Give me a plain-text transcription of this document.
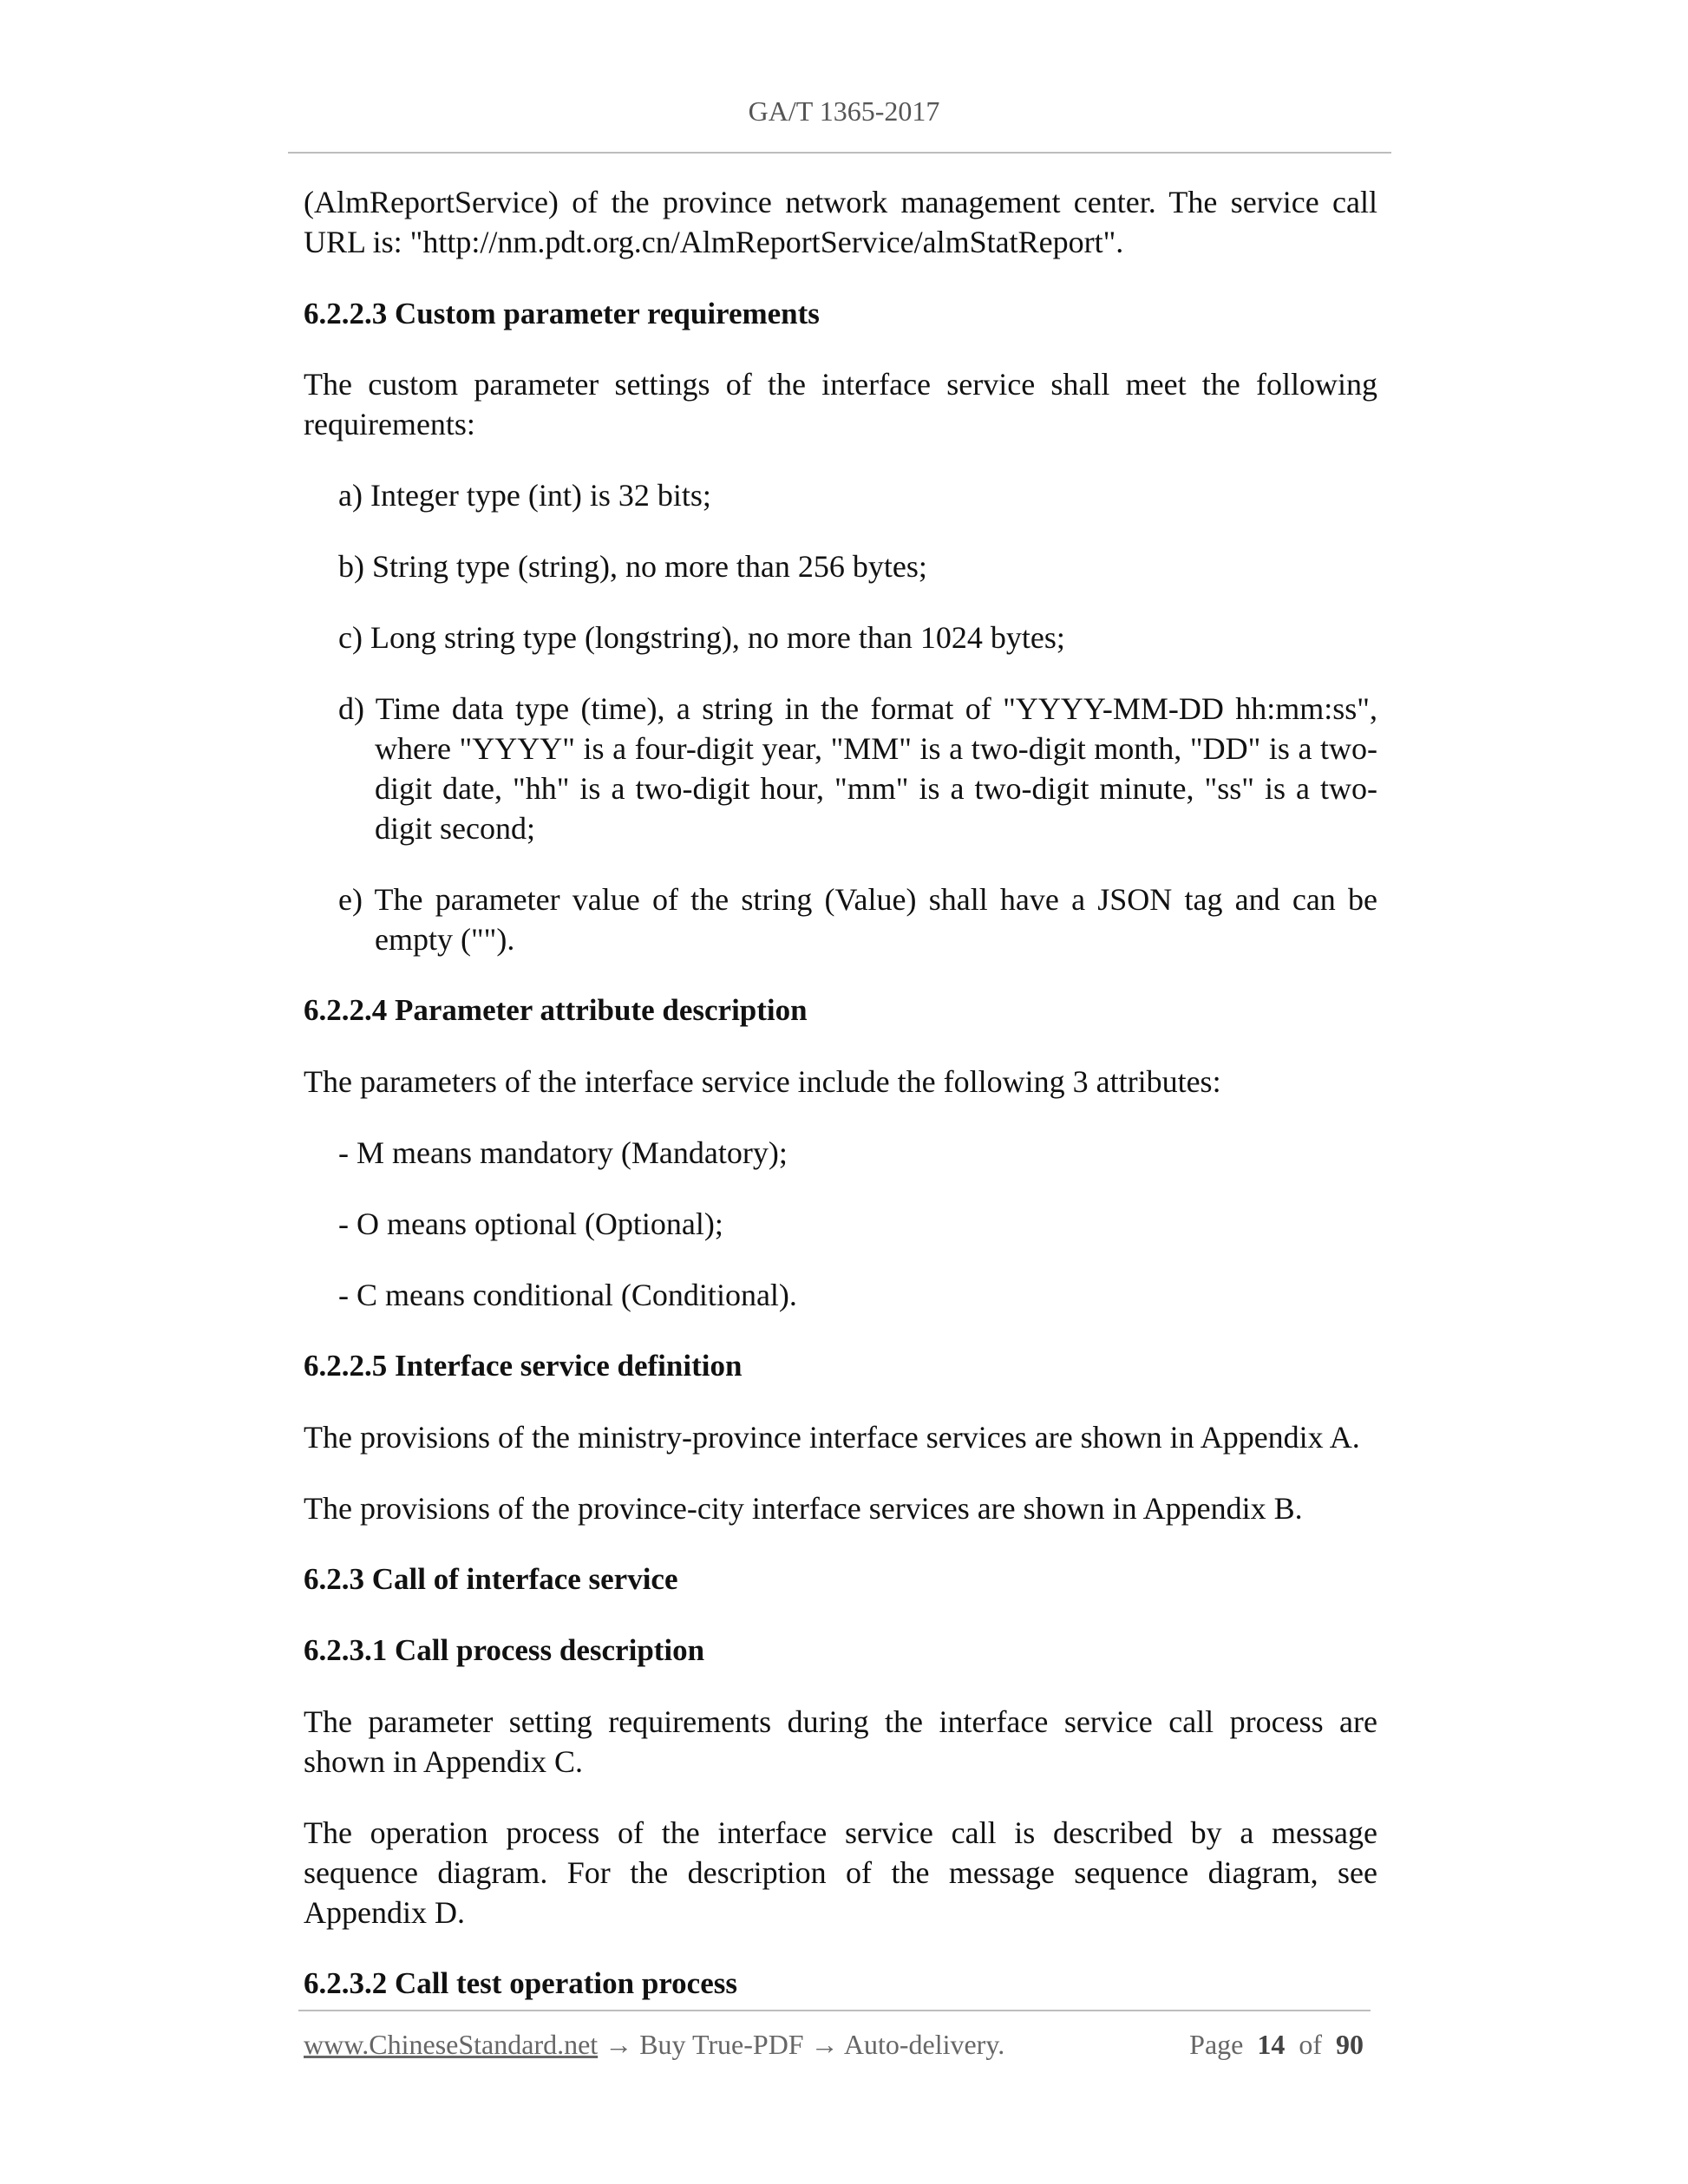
GA/T 1365-2017

(AlmReportService) of the province network management center. The service call URL is: "http://nm.pdt.org.cn/AlmReportService/almStatReport".

6.2.2.3 Custom parameter requirements

The custom parameter settings of the interface service shall meet the following requirements:

a) Integer type (int) is 32 bits;

b) String type (string), no more than 256 bytes;

c) Long string type (longstring), no more than 1024 bytes;

d) Time data type (time), a string in the format of "YYYY-MM-DD hh:mm:ss", where "YYYY" is a four-digit year, "MM" is a two-digit month, "DD" is a two-digit date, "hh" is a two-digit hour, "mm" is a two-digit minute, "ss" is a two-digit second;

e) The parameter value of the string (Value) shall have a JSON tag and can be empty ("").

6.2.2.4 Parameter attribute description

The parameters of the interface service include the following 3 attributes:

- M means mandatory (Mandatory);

- O means optional (Optional);

- C means conditional (Conditional).

6.2.2.5 Interface service definition

The provisions of the ministry-province interface services are shown in Appendix A.

The provisions of the province-city interface services are shown in Appendix B.

6.2.3 Call of interface service

6.2.3.1 Call process description

The parameter setting requirements during the interface service call process are shown in Appendix C.

The operation process of the interface service call is described by a message sequence diagram. For the description of the message sequence diagram, see Appendix D.

6.2.3.2 Call test operation process

www.ChineseStandard.net → Buy True-PDF → Auto-delivery.	Page 14 of 90
